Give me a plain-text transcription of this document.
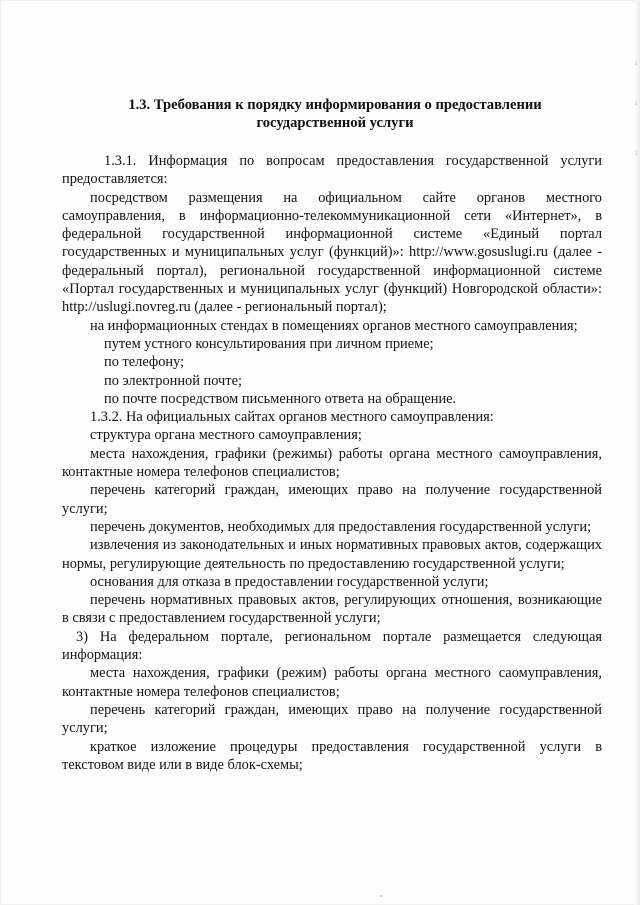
ı
ı
ı
1.3. Требования к порядку информирования о предоставлении
государственной услуги

1.3.1. Информация по вопросам предоставления государственной услуги предоставляется:

посредством размещения на официальном сайте органов местного самоуправления, в информационно-телекоммуникационной сети «Интернет», в федеральной государственной информационной системе «Единый портал государственных и муниципальных услуг (функций)»: http://www.gosuslugi.ru (далее - федеральный портал), региональной государственной информационной системе «Портал государственных и муниципальных услуг (функций) Новгородской области»: http://uslugi.novreg.ru (далее - региональный портал);

на информационных стендах в помещениях органов местного самоуправления;

путем устного консультирования при личном приеме;

по телефону;

по электронной почте;

по почте посредством письменного ответа на обращение.

1.3.2. На официальных сайтах органов местного самоуправления:

структура органа местного самоуправления;

места нахождения, графики (режимы) работы органа местного самоуправления, контактные номера телефонов специалистов;

перечень категорий граждан, имеющих право на получение государственной услуги;

перечень документов, необходимых для предоставления государственной услуги;

извлечения из законодательных и иных нормативных правовых актов, содержащих нормы, регулирующие деятельность по предоставлению государственной услуги;

основания для отказа в предоставлении государственной услуги;

перечень нормативных правовых актов, регулирующих отношения, возникающие в связи с предоставлением государственной услуги;

3) На федеральном портале, региональном портале размещается следующая информация:

места нахождения, графики (режим) работы органа местного саомуправления, контактные номера телефонов специалистов;

перечень категорий граждан, имеющих право на получение государственной услуги;

краткое изложение процедуры предоставления государственной услуги в текстовом виде или в виде блок-схемы;
